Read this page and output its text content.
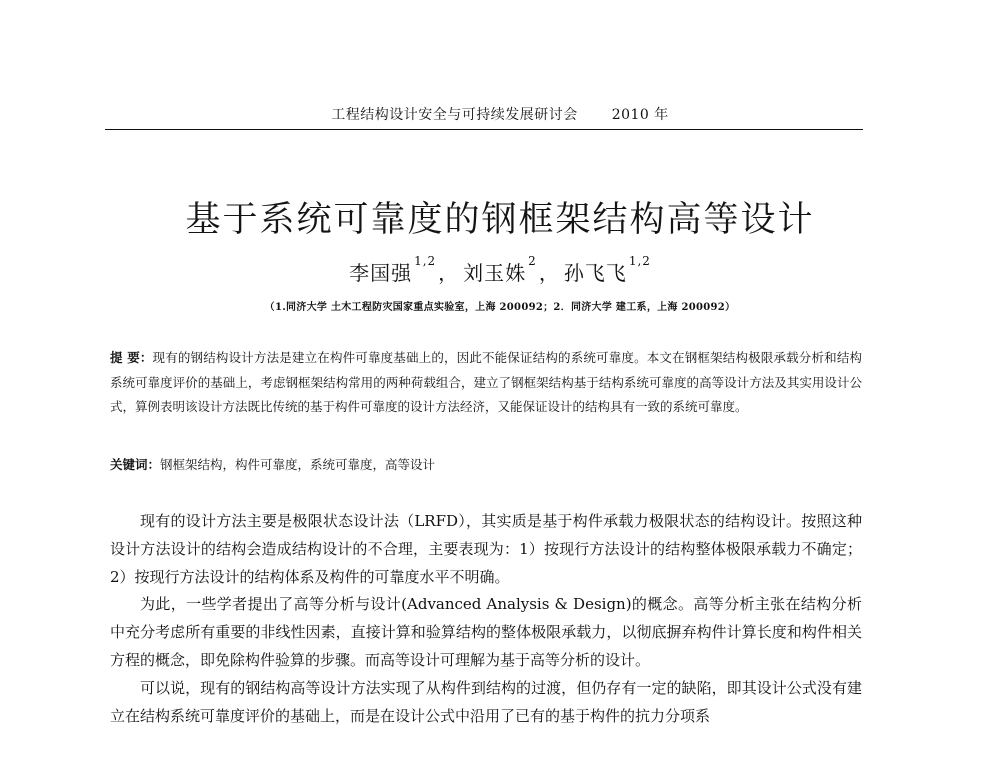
工程结构设计安全与可持续发展研讨会 2010 年
基于系统可靠度的钢框架结构高等设计
李国强 $^{1,2}$ ， 刘玉姝 $^2$ ， 孙飞飞 $^{1,2}$
（1.同济大学 土木工程防灾国家重点实验室，上海 200092；2．同济大学 建工系，上海 200092）
提 要：现有的钢结构设计方法是建立在构件可靠度基础上的，因此不能保证结构的系统可靠度。本文在钢框架结构极限承载分析和结构系统可靠度评价的基础上，考虑钢框架结构常用的两种荷载组合，建立了钢框架结构基于结构系统可靠度的高等设计方法及其实用设计公式，算例表明该设计方法既比传统的基于构件可靠度的设计方法经济，又能保证设计的结构具有一致的系统可靠度。
关键词：钢框架结构，构件可靠度，系统可靠度，高等设计

现有的设计方法主要是极限状态设计法（LRFD），其实质是基于构件承载力极限状态的结构设计。按照这种设计方法设计的结构会造成结构设计的不合理，主要表现为：1）按现行方法设计的结构整体极限承载力不确定；2）按现行方法设计的结构体系及构件的可靠度水平不明确。

为此，一些学者提出了高等分析与设计(Advanced Analysis & Design)的概念。高等分析主张在结构分析中充分考虑所有重要的非线性因素，直接计算和验算结构的整体极限承载力，以彻底摒弃构件计算长度和构件相关方程的概念，即免除构件验算的步骤。而高等设计可理解为基于高等分析的设计。

可以说，现有的钢结构高等设计方法实现了从构件到结构的过渡，但仍存有一定的缺陷，即其设计公式没有建立在结构系统可靠度评价的基础上，而是在设计公式中沿用了已有的基于构件的抗力分项系
